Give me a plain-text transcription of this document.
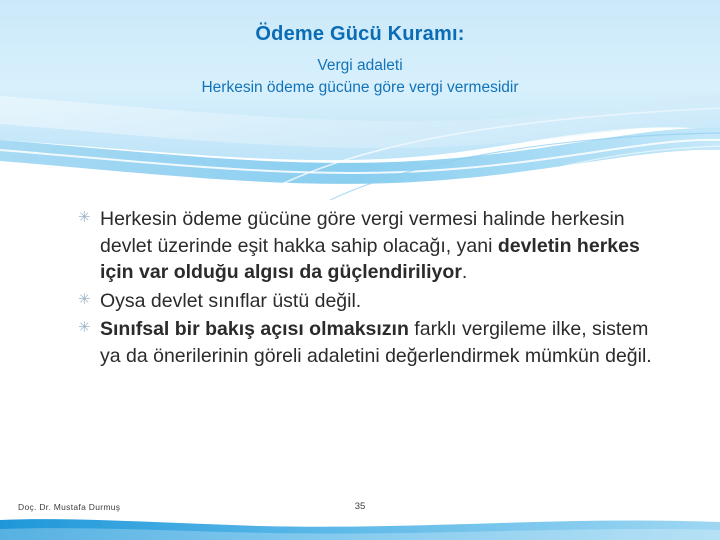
Ödeme Gücü Kuramı:
Vergi adaleti
Herkesin ödeme gücüne göre vergi vermesidir
✳ Herkesin ödeme gücüne göre vergi vermesi halinde herkesin devlet üzerinde eşit hakka sahip olacağı, yani devletin herkes için var olduğu algısı da güçlendiriliyor.
✳ Oysa devlet sınıflar üstü değil.
✳ Sınıfsal bir bakış açısı olmaksızın farklı vergileme ilke, sistem ya da önerilerinin göreli adaletini değerlendirmek mümkün değil.
Doç. Dr. Mustafa Durmuş	35
